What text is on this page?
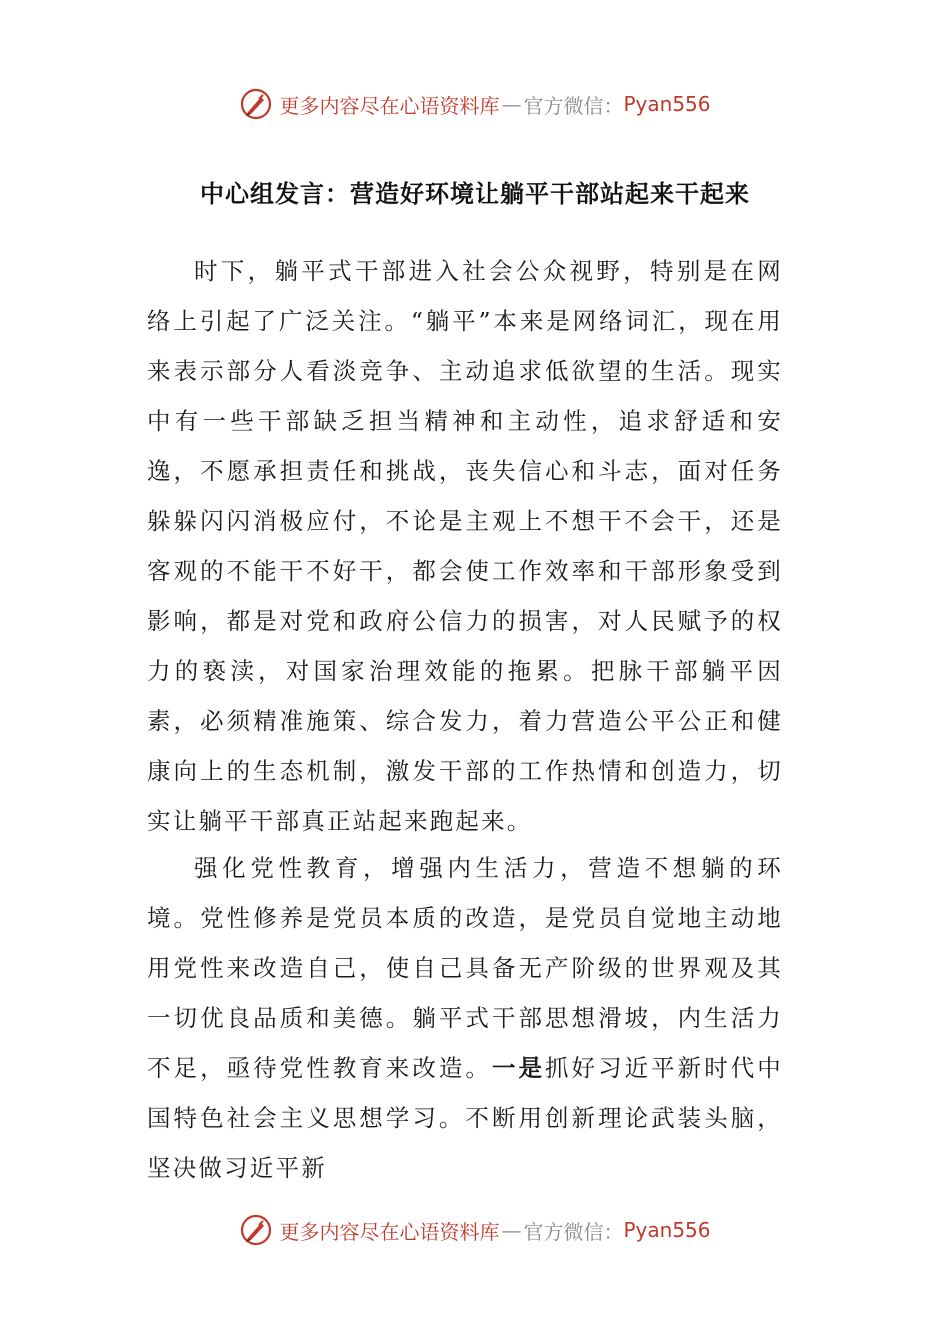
更多内容尽在心语资料库 — 官方微信： Pyan556
中心组发言：营造好环境让躺平干部站起来干起来

时下，躺平式干部进入社会公众视野，特别是在网络上引起了广泛关注。“躺平”本来是网络词汇，现在用来表示部分人看淡竞争、主动追求低欲望的生活。现实中有一些干部缺乏担当精神和主动性，追求舒适和安逸，不愿承担责任和挑战，丧失信心和斗志，面对任务躲躲闪闪消极应付，不论是主观上不想干不会干，还是客观的不能干不好干，都会使工作效率和干部形象受到影响，都是对党和政府公信力的损害，对人民赋予的权力的亵渎，对国家治理效能的拖累。把脉干部躺平因素，必须精准施策、综合发力，着力营造公平公正和健康向上的生态机制，激发干部的工作热情和创造力，切实让躺平干部真正站起来跑起来。

强化党性教育，增强内生活力，营造不想躺的环境。党性修养是党员本质的改造，是党员自觉地主动地用党性来改造自己，使自己具备无产阶级的世界观及其一切优良品质和美德。躺平式干部思想滑坡，内生活力不足，亟待党性教育来改造。一是抓好习近平新时代中国特色社会主义思想学习。不断用创新理论武装头脑，坚决做习近平新

更多内容尽在心语资料库 — 官方微信： Pyan556
